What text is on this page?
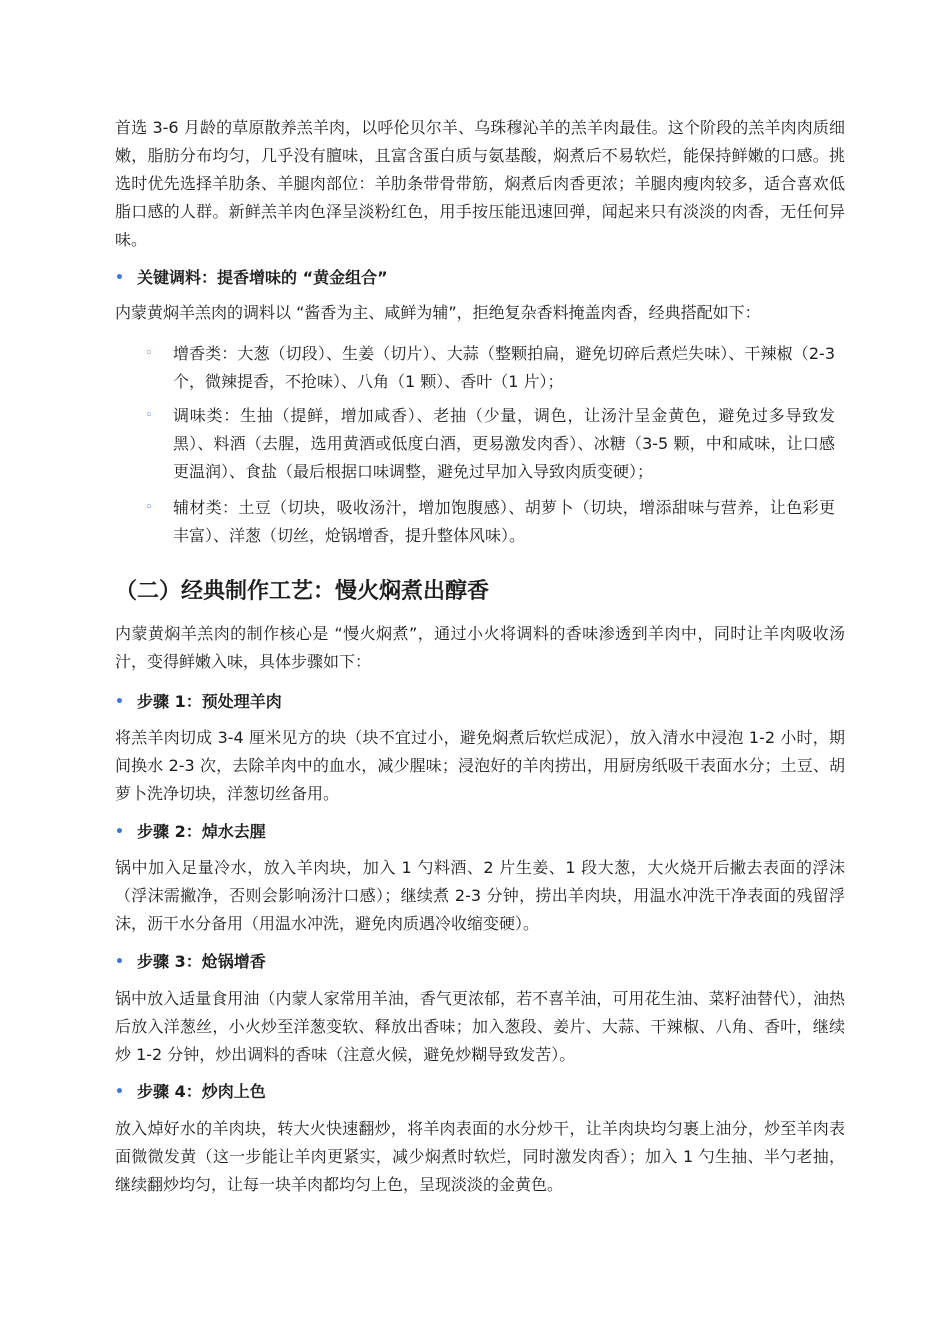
首选 3-6 月龄的草原散养羔羊肉，以呼伦贝尔羊、乌珠穆沁羊的羔羊肉最佳。这个阶段的羔羊肉肉质细嫩，脂肪分布均匀，几乎没有膻味，且富含蛋白质与氨基酸，焖煮后不易软烂，能保持鲜嫩的口感。挑选时优先选择羊肋条、羊腿肉部位：羊肋条带骨带筋，焖煮后肉香更浓；羊腿肉瘦肉较多，适合喜欢低脂口感的人群。新鲜羔羊肉色泽呈淡粉红色，用手按压能迅速回弹，闻起来只有淡淡的肉香，无任何异味。

• 关键调料：提香增味的 “黄金组合”

内蒙黄焖羊羔肉的调料以 “酱香为主、咸鲜为辅”，拒绝复杂香料掩盖肉香，经典搭配如下：

◦ 增香类：大葱（切段）、生姜（切片）、大蒜（整颗拍扁，避免切碎后煮烂失味）、干辣椒（2-3 个，微辣提香，不抢味）、八角（1 颗）、香叶（1 片）；
◦ 调味类：生抽（提鲜，增加咸香）、老抽（少量，调色，让汤汁呈金黄色，避免过多导致发黑）、料酒（去腥，选用黄酒或低度白酒，更易激发肉香）、冰糖（3-5 颗，中和咸味，让口感更温润）、食盐（最后根据口味调整，避免过早加入导致肉质变硬）；
◦ 辅材类：土豆（切块，吸收汤汁，增加饱腹感）、胡萝卜（切块，增添甜味与营养，让色彩更丰富）、洋葱（切丝，炝锅增香，提升整体风味）。
（二）经典制作工艺：慢火焖煮出醇香

内蒙黄焖羊羔肉的制作核心是 “慢火焖煮”，通过小火将调料的香味渗透到羊肉中，同时让羊肉吸收汤汁，变得鲜嫩入味，具体步骤如下：

• 步骤 1：预处理羊肉

将羔羊肉切成 3-4 厘米见方的块（块不宜过小，避免焖煮后软烂成泥），放入清水中浸泡 1-2 小时，期间换水 2-3 次，去除羊肉中的血水，减少腥味；浸泡好的羊肉捞出，用厨房纸吸干表面水分；土豆、胡萝卜洗净切块，洋葱切丝备用。

• 步骤 2：焯水去腥

锅中加入足量冷水，放入羊肉块，加入 1 勺料酒、2 片生姜、1 段大葱，大火烧开后撇去表面的浮沫（浮沫需撇净，否则会影响汤汁口感）；继续煮 2-3 分钟，捞出羊肉块，用温水冲洗干净表面的残留浮沫，沥干水分备用（用温水冲洗，避免肉质遇冷收缩变硬）。

• 步骤 3：炝锅增香

锅中放入适量食用油（内蒙人家常用羊油，香气更浓郁，若不喜羊油，可用花生油、菜籽油替代），油热后放入洋葱丝，小火炒至洋葱变软、释放出香味；加入葱段、姜片、大蒜、干辣椒、八角、香叶，继续炒 1-2 分钟，炒出调料的香味（注意火候，避免炒糊导致发苦）。

• 步骤 4：炒肉上色

放入焯好水的羊肉块，转大火快速翻炒，将羊肉表面的水分炒干，让羊肉块均匀裹上油分，炒至羊肉表面微微发黄（这一步能让羊肉更紧实，减少焖煮时软烂，同时激发肉香）；加入 1 勺生抽、半勺老抽，继续翻炒均匀，让每一块羊肉都均匀上色，呈现淡淡的金黄色。
